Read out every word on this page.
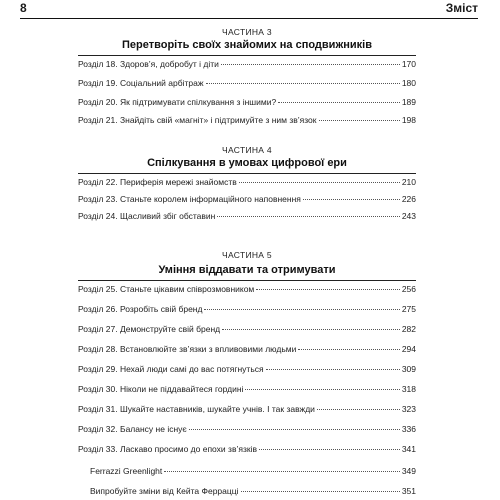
8	Зміст
ЧАСТИНА 3
Перетворіть своїх знайомих на сподвижників
Розділ 18. Здоров’я, добробут і діти	170
Розділ 19. Соціальний арбітраж	180
Розділ 20. Як підтримувати спілкування з іншими?	189
Розділ 21. Знайдіть свій «магніт» і підтримуйте з ним зв’язок	198
ЧАСТИНА 4
Спілкування в умовах цифрової ери
Розділ 22. Периферія мережі знайомств	210
Розділ 23. Станьте королем інформаційного наповнення	226
Розділ 24. Щасливий збіг обставин	243
ЧАСТИНА 5
Уміння віддавати та отримувати
Розділ 25. Станьте цікавим співрозмовником	256
Розділ 26. Розробіть свій бренд	275
Розділ 27. Демонструйте свій бренд	282
Розділ 28. Встановлюйте зв’язки з впливовими людьми	294
Розділ 29. Нехай люди самі до вас потягнуться	309
Розділ 30. Ніколи не піддавайтеся гордині	318
Розділ 31. Шукайте наставників, шукайте учнів. І так завжди	323
Розділ 32. Балансу не існує	336
Розділ 33. Ласкаво просимо до епохи зв’язків	341
Ferrazzi Greenlight	349
Випробуйте зміни від Кейта Феррацці	351
